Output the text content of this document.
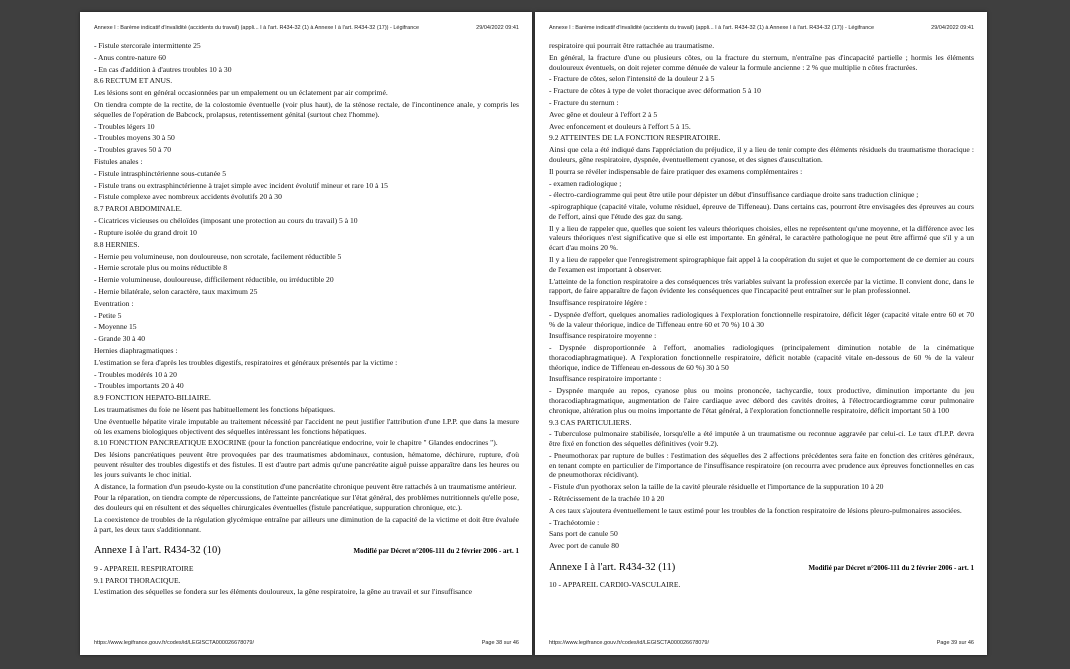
Annexe I : Barème indicatif d'invalidité (accidents du travail) (appli... I à l'art. R434-32 (1) à Annexe I à l'art. R434-32 (17)) - Légifrance	29/04/2022 09:41

- Fistule stercorale intermittente 25

- Anus contre-nature 60

- En cas d'addition à d'autres troubles 10 à 30

8.6 RECTUM ET ANUS.

Les lésions sont en général occasionnées par un empalement ou un éclatement par air comprimé.

On tiendra compte de la rectite, de la colostomie éventuelle (voir plus haut), de la sténose rectale, de l'incontinence anale, y compris les séquelles de l'opération de Babcock, prolapsus, retentissement génital (surtout chez l'homme).

- Troubles légers 10

- Troubles moyens 30 à 50

- Troubles graves 50 à 70

Fistules anales :

- Fistule intrasphinctérienne sous-cutanée 5

- Fistule trans ou extrasphinctérienne à trajet simple avec incident évolutif mineur et rare 10 à 15

- Fistule complexe avec nombreux accidents évolutifs 20 à 30

8.7 PAROI ABDOMINALE.

- Cicatrices vicieuses ou chéloïdes (imposant une protection au cours du travail) 5 à 10

- Rupture isolée du grand droit 10

8.8 HERNIES.

- Hernie peu volumineuse, non douloureuse, non scrotale, facilement réductible 5

- Hernie scrotale plus ou moins réductible 8

- Hernie volumineuse, douloureuse, difficilement réductible, ou irréductible 20

- Hernie bilatérale, selon caractère, taux maximum 25

Eventration :

- Petite 5

- Moyenne 15

- Grande 30 à 40

Hernies diaphragmatiques :

L'estimation se fera d'après les troubles digestifs, respiratoires et généraux présentés par la victime :

- Troubles modérés 10 à 20

- Troubles importants 20 à 40

8.9 FONCTION HEPATO-BILIAIRE.

Les traumatismes du foie ne lèsent pas habituellement les fonctions hépatiques.

Une éventuelle hépatite virale imputable au traitement nécessité par l'accident ne peut justifier l'attribution d'une I.P.P. que dans la mesure où les examens biologiques objectivent des séquelles intéressant les fonctions hépatiques.

8.10 FONCTION PANCREATIQUE EXOCRINE (pour la fonction pancréatique endocrine, voir le chapitre " Glandes endocrines ").

Des lésions pancréatiques peuvent être provoquées par des traumatismes abdominaux, contusion, hématome, déchirure, rupture, d'où peuvent résulter des troubles digestifs et des fistules. Il est d'autre part admis qu'une pancréatite aiguë puisse apparaître dans les heures ou les jours suivants le choc initial.

A distance, la formation d'un pseudo-kyste ou la constitution d'une pancréatite chronique peuvent être rattachés à un traumatisme antérieur.

Pour la réparation, on tiendra compte de répercussions, de l'atteinte pancréatique sur l'état général, des problèmes nutritionnels qu'elle pose, des douleurs qui en résultent et des séquelles chirurgicales éventuelles (fistule pancréatique, suppuration chronique, etc.).

La coexistence de troubles de la régulation glycémique entraîne par ailleurs une diminution de la capacité de la victime et doit être évaluée à part, les deux taux s'additionnant.

Annexe I à l'art. R434-32 (10)	Modifié par Décret n°2006-111 du 2 février 2006 - art. 1

9 - APPAREIL RESPIRATOIRE

9.1 PAROI THORACIQUE.

L'estimation des séquelles se fondera sur les éléments douloureux, la gêne respiratoire, la gêne au travail et sur l'insuffisance

https://www.legifrance.gouv.fr/codes/id/LEGISCTA000026678079/	Page 38 sur 46
Annexe I : Barème indicatif d'invalidité (accidents du travail) (appli... I à l'art. R434-32 (1) à Annexe I à l'art. R434-32 (17)) - Légifrance	29/04/2022 09:41

respiratoire qui pourrait être rattachée au traumatisme.

En général, la fracture d'une ou plusieurs côtes, ou la fracture du sternum, n'entraîne pas d'incapacité partielle ; hormis les éléments douloureux éventuels, on doit rejeter comme dénuée de valeur la formule ancienne : 2 % que multiplie n côtes fracturées.

- Fracture de côtes, selon l'intensité de la douleur 2 à 5

- Fracture de côtes à type de volet thoracique avec déformation 5 à 10

- Fracture du sternum :

Avec gêne et douleur à l'effort 2 à 5

Avec enfoncement et douleurs à l'effort 5 à 15.

9.2 ATTEINTES DE LA FONCTION RESPIRATOIRE.

Ainsi que cela a été indiqué dans l'appréciation du préjudice, il y a lieu de tenir compte des éléments résiduels du traumatisme thoracique : douleurs, gêne respiratoire, dyspnée, éventuellement cyanose, et des signes d'auscultation.

Il pourra se révéler indispensable de faire pratiquer des examens complémentaires :

- examen radiologique ;

- électro-cardiogramme qui peut être utile pour dépister un début d'insuffisance cardiaque droite sans traduction clinique ;

-spirographique (capacité vitale, volume résiduel, épreuve de Tiffeneau). Dans certains cas, pourront être envisagées des épreuves au cours de l'effort, ainsi que l'étude des gaz du sang.

Il y a lieu de rappeler que, quelles que soient les valeurs théoriques choisies, elles ne représentent qu'une moyenne, et la différence avec les valeurs théoriques n'est significative que si elle est importante. En général, le caractère pathologique ne peut être affirmé que s'il y a un écart d'au moins 20 %.

Il y a lieu de rappeler que l'enregistrement spirographique fait appel à la coopération du sujet et que le comportement de ce dernier au cours de l'examen est important à observer.

L'atteinte de la fonction respiratoire a des conséquences très variables suivant la profession exercée par la victime. Il convient donc, dans le rapport, de faire apparaître de façon évidente les conséquences que l'incapacité peut entraîner sur le plan professionnel.

Insuffisance respiratoire légère :

- Dyspnée d'effort, quelques anomalies radiologiques à l'exploration fonctionnelle respiratoire, déficit léger (capacité vitale entre 60 et 70 % de la valeur théorique, indice de Tiffeneau entre 60 et 70 %) 10 à 30

Insuffisance respiratoire moyenne :

- Dyspnée disproportionnée à l'effort, anomalies radiologiques (principalement diminution notable de la cinématique thoracodiaphragmatique). A l'exploration fonctionnelle respiratoire, déficit notable (capacité vitale en-dessous de 60 % de la valeur théorique, indice de Tiffeneau en-dessous de 60 %) 30 à 50

Insuffisance respiratoire importante :

- Dyspnée marquée au repos, cyanose plus ou moins prononcée, tachycardie, toux productive, diminution importante du jeu thoracodiaphragmatique, augmentation de l'aire cardiaque avec débord des cavités droites, à l'électrocardiogramme cœur pulmonaire chronique, altération plus ou moins importante de l'état général, à l'exploration fonctionnelle respiratoire, déficit important 50 à 100

9.3 CAS PARTICULIERS.

- Tuberculose pulmonaire stabilisée, lorsqu'elle a été imputée à un traumatisme ou reconnue aggravée par celui-ci. Le taux d'I.P.P. devra être fixé en fonction des séquelles définitives (voir 9.2).

- Pneumothorax par rupture de bulles : l'estimation des séquelles des 2 affections précédentes sera faite en fonction des critères généraux, en tenant compte en particulier de l'importance de l'insuffisance respiratoire (on recourra avec prudence aux épreuves fonctionnelles en cas de pneumothorax récidivant).

- Fistule d'un pyothorax selon la taille de la cavité pleurale résiduelle et l'importance de la suppuration 10 à 20

- Rétrécissement de la trachée 10 à 20

A ces taux s'ajoutera éventuellement le taux estimé pour les troubles de la fonction respiratoire de lésions pleuro-pulmonaires associées.

- Trachéotomie :

Sans port de canule 50

Avec port de canule 80

Annexe I à l'art. R434-32 (11)	Modifié par Décret n°2006-111 du 2 février 2006 - art. 1

10 - APPAREIL CARDIO-VASCULAIRE.

https://www.legifrance.gouv.fr/codes/id/LEGISCTA000026678079/	Page 39 sur 46
